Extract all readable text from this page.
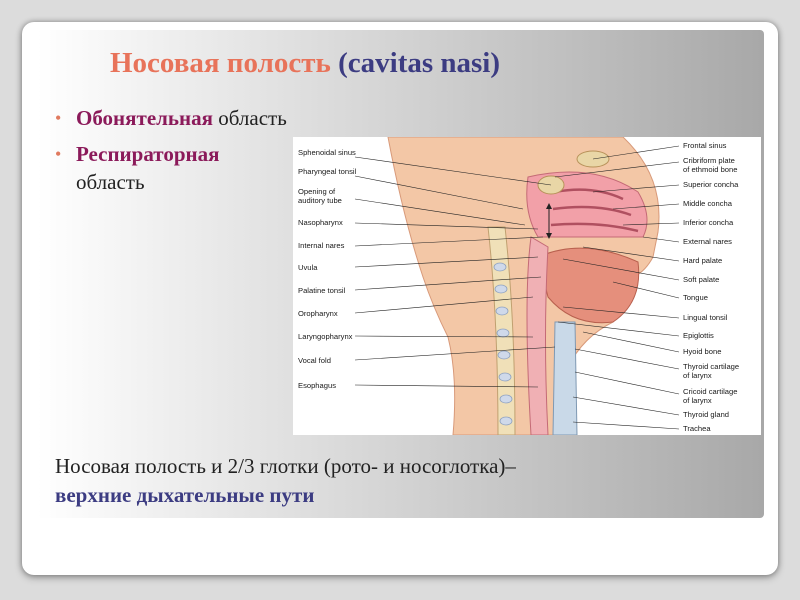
Носовая полость (cavitas nasi)
• Обонятельная область
• Респираторная
область
Sphenoidal sinus
Pharyngeal tonsil
Opening of
auditory tube
Nasopharynx
Internal nares
Uvula
Palatine tonsil
Oropharynx
Laryngopharynx
Vocal fold
Esophagus
Frontal sinus
Cribriform plate
of ethmoid bone
Superior concha
Middle concha
Inferior concha
External nares
Hard palate
Soft palate
Tongue
Lingual tonsil
Epiglottis
Hyoid bone
Thyroid cartilage
of larynx
Cricoid cartilage
of larynx
Thyroid gland
Trachea
Носовая полость и 2/3 глотки (рото- и носоглотка)–
верхние дыхательные пути
